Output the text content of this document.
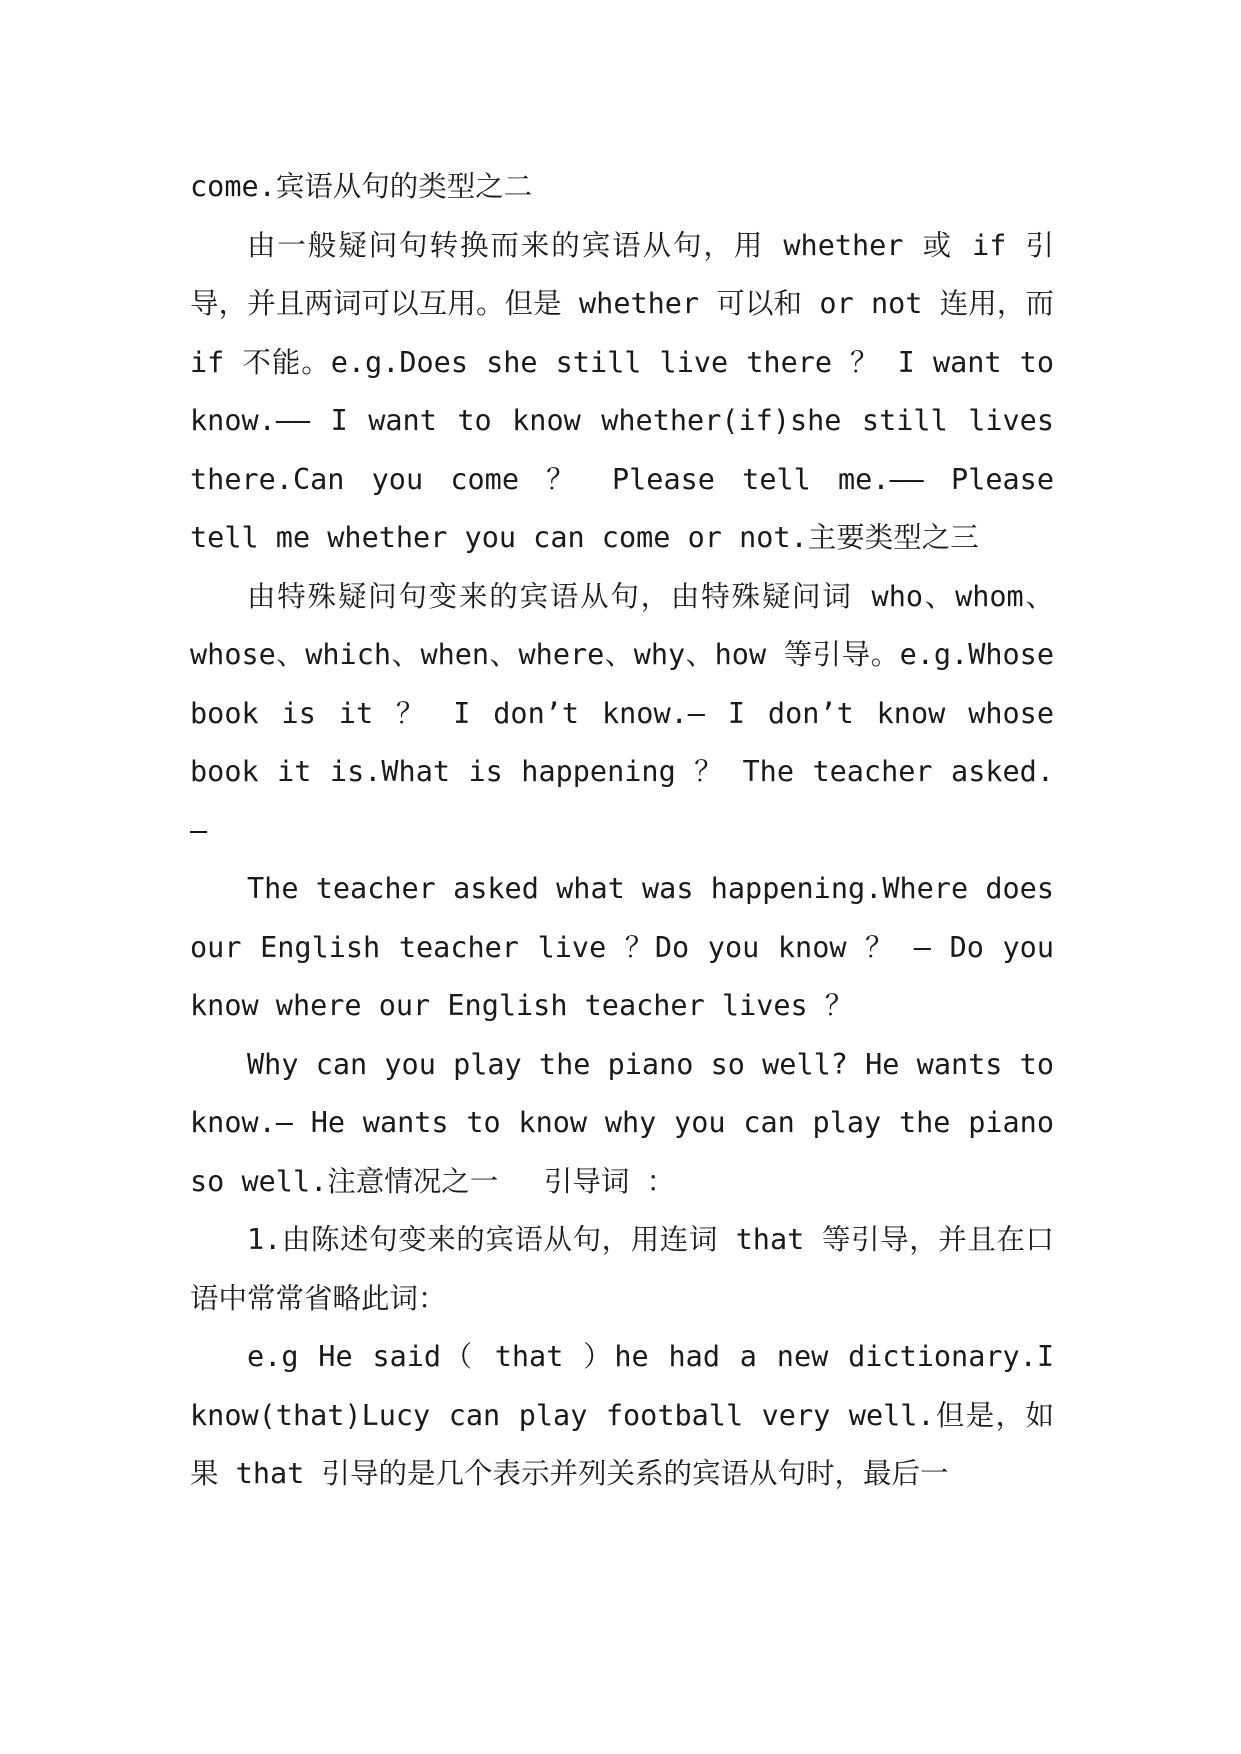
come.宾语从句的类型之二

由一般疑问句转换而来的宾语从句，用 whether 或 if 引导，并且两词可以互用。但是 whether 可以和 or not 连用，而 if 不能。e.g.Does she still live there ？ I want to know.—— I want to know whether(if)she still lives there.Can you come ？ Please tell me.—— Please tell me whether you can come or not.主要类型之三

由特殊疑问句变来的宾语从句，由特殊疑问词 who、whom、whose、which、when、where、why、how 等引导。e.g.Whose book is it ？ I don’t know.— I don’t know whose book it is.What is happening ？ The teacher asked.—

The teacher asked what was happening.Where does our English teacher live ？Do you know ？ — Do you know where our English teacher lives ？

Why can you play the piano so well? He wants to know.— He wants to know why you can play the piano so well.注意情况之一　 引导词 ：

1.由陈述句变来的宾语从句，用连词 that 等引导，并且在口语中常常省略此词：

e.g He said（ that ）he had a new dictionary.I know(that)Lucy can play football very well.但是，如果 that 引导的是几个表示并列关系的宾语从句时，最后一
